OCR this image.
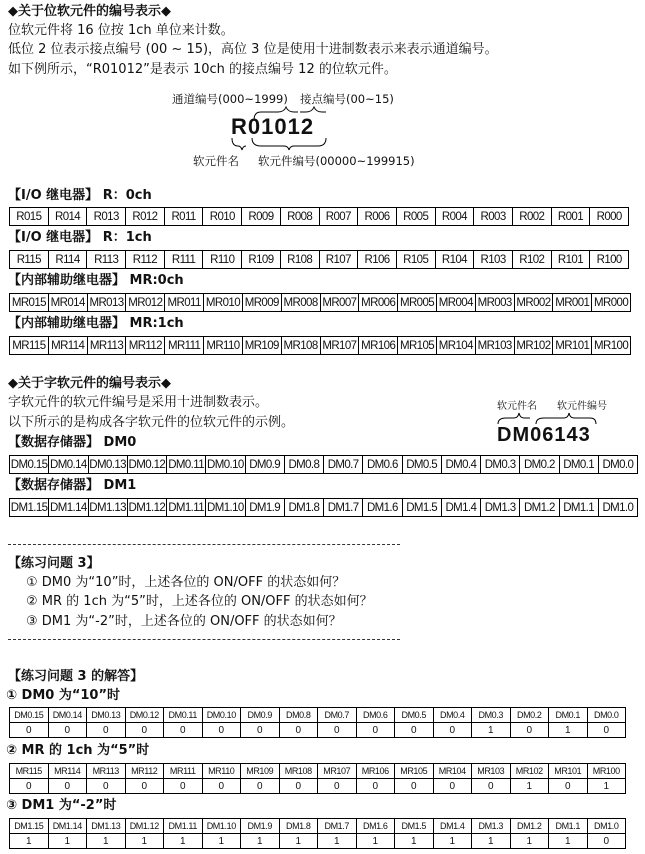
◆关于位软元件的编号表示◆
位软元件将 16 位按 1ch 单位来计数。
低位 2 位表示接点编号 (00 ~ 15)，高位 3 位是使用十进制数表示来表示通道编号。
如下例所示，“R01012”是表示 10ch 的接点编号 12 的位软元件。
通道编号(000~1999) 接点编号(00~15)
R01012
软元件名 软元件编号(00000~199915)
【I/O 继电器】 R：0ch
R015	R014	R013	R012	R011	R010	R009	R008	R007	R006	R005	R004	R003	R002	R001	R000
【I/O 继电器】 R：1ch
R115	R114	R113	R112	R111	R110	R109	R108	R107	R106	R105	R104	R103	R102	R101	R100
【内部辅助继电器】 MR:0ch
MR015	MR014	MR013	MR012	MR011	MR010	MR009	MR008	MR007	MR006	MR005	MR004	MR003	MR002	MR001	MR000
【内部辅助继电器】 MR:1ch
MR115	MR114	MR113	MR112	MR111	MR110	MR109	MR108	MR107	MR106	MR105	MR104	MR103	MR102	MR101	MR100
◆关于字软元件的编号表示◆
字软元件的软元件编号是采用十进制数表示。
以下所示的是构成各字软元件的位软元件的示例。
软元件名 软元件编号
DM06143
【数据存储器】 DM0
DM0.15	DM0.14	DM0.13	DM0.12	DM0.11	DM0.10	DM0.9	DM0.8	DM0.7	DM0.6	DM0.5	DM0.4	DM0.3	DM0.2	DM0.1	DM0.0
【数据存储器】 DM1
DM1.15	DM1.14	DM1.13	DM1.12	DM1.11	DM1.10	DM1.9	DM1.8	DM1.7	DM1.6	DM1.5	DM1.4	DM1.3	DM1.2	DM1.1	DM1.0
【练习问题 3】
① DM0 为“10”时，上述各位的 ON/OFF 的状态如何？
② MR 的 1ch 为“5”时，上述各位的 ON/OFF 的状态如何？
③ DM1 为“-2”时，上述各位的 ON/OFF 的状态如何？
【练习问题 3 的解答】
① DM0 为“10”时
DM0.15	DM0.14	DM0.13	DM0.12	DM0.11	DM0.10	DM0.9	DM0.8	DM0.7	DM0.6	DM0.5	DM0.4	DM0.3	DM0.2	DM0.1	DM0.0
0	0	0	0	0	0	0	0	0	0	0	0	1	0	1	0
② MR 的 1ch 为“5”时
MR115	MR114	MR113	MR112	MR111	MR110	MR109	MR108	MR107	MR106	MR105	MR104	MR103	MR102	MR101	MR100
0	0	0	0	0	0	0	0	0	0	0	0	0	1	0	1
③ DM1 为“-2”时
DM1.15	DM1.14	DM1.13	DM1.12	DM1.11	DM1.10	DM1.9	DM1.8	DM1.7	DM1.6	DM1.5	DM1.4	DM1.3	DM1.2	DM1.1	DM1.0
1	1	1	1	1	1	1	1	1	1	1	1	1	1	1	0
